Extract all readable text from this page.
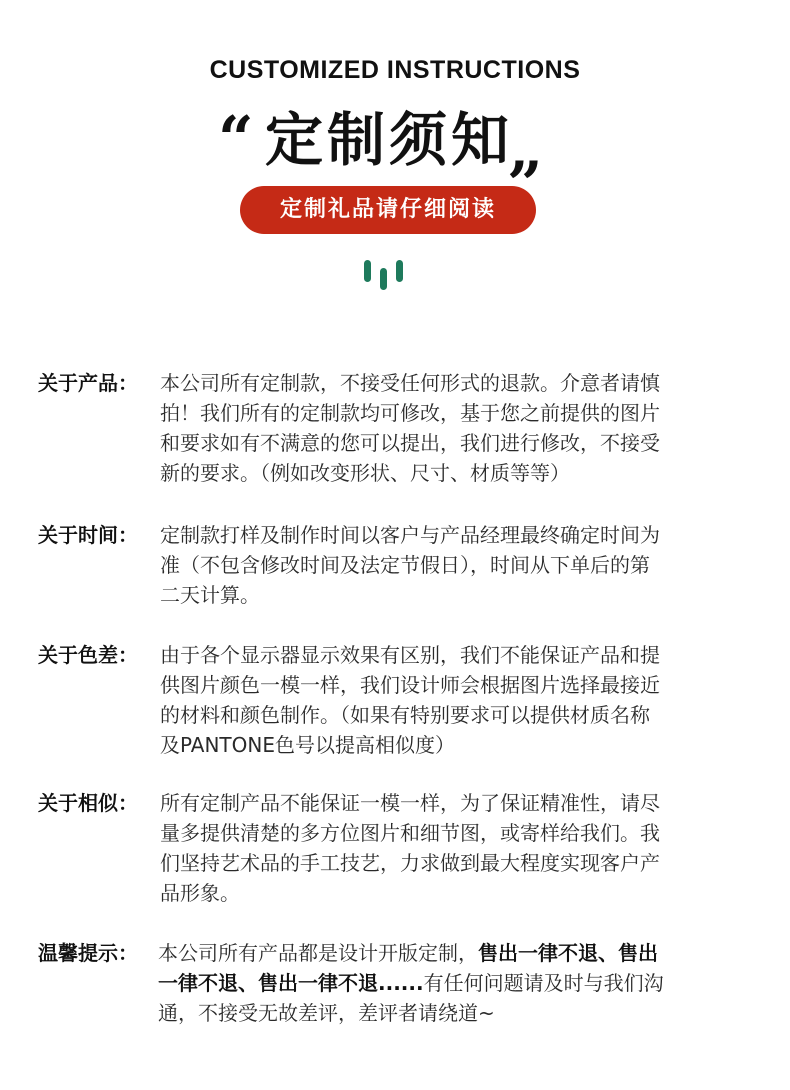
CUSTOMIZED INSTRUCTIONS
“ 定制须知
„
定制礼品请仔细阅读
关于产品： 本公司所有定制款，不接受任何形式的退款。介意者请慎
拍！我们所有的定制款均可修改，基于您之前提供的图片
和要求如有不满意的您可以提出，我们进行修改，不接受
新的要求。（例如改变形状、尺寸、材质等等）
关于时间： 定制款打样及制作时间以客户与产品经理最终确定时间为
准（不包含修改时间及法定节假日），时间从下单后的第
二天计算。
关于色差： 由于各个显示器显示效果有区别，我们不能保证产品和提
供图片颜色一模一样，我们设计师会根据图片选择最接近
的材料和颜色制作。（如果有特别要求可以提供材质名称
及PANTONE色号以提高相似度）
关于相似： 所有定制产品不能保证一模一样，为了保证精准性，请尽
量多提供清楚的多方位图片和细节图，或寄样给我们。我
们坚持艺术品的手工技艺，力求做到最大程度实现客户产
品形象。
温馨提示： 本公司所有产品都是设计开版定制，售出一律不退、售出
一律不退、售出一律不退......有任何问题请及时与我们沟
通，不接受无故差评，差评者请绕道~
